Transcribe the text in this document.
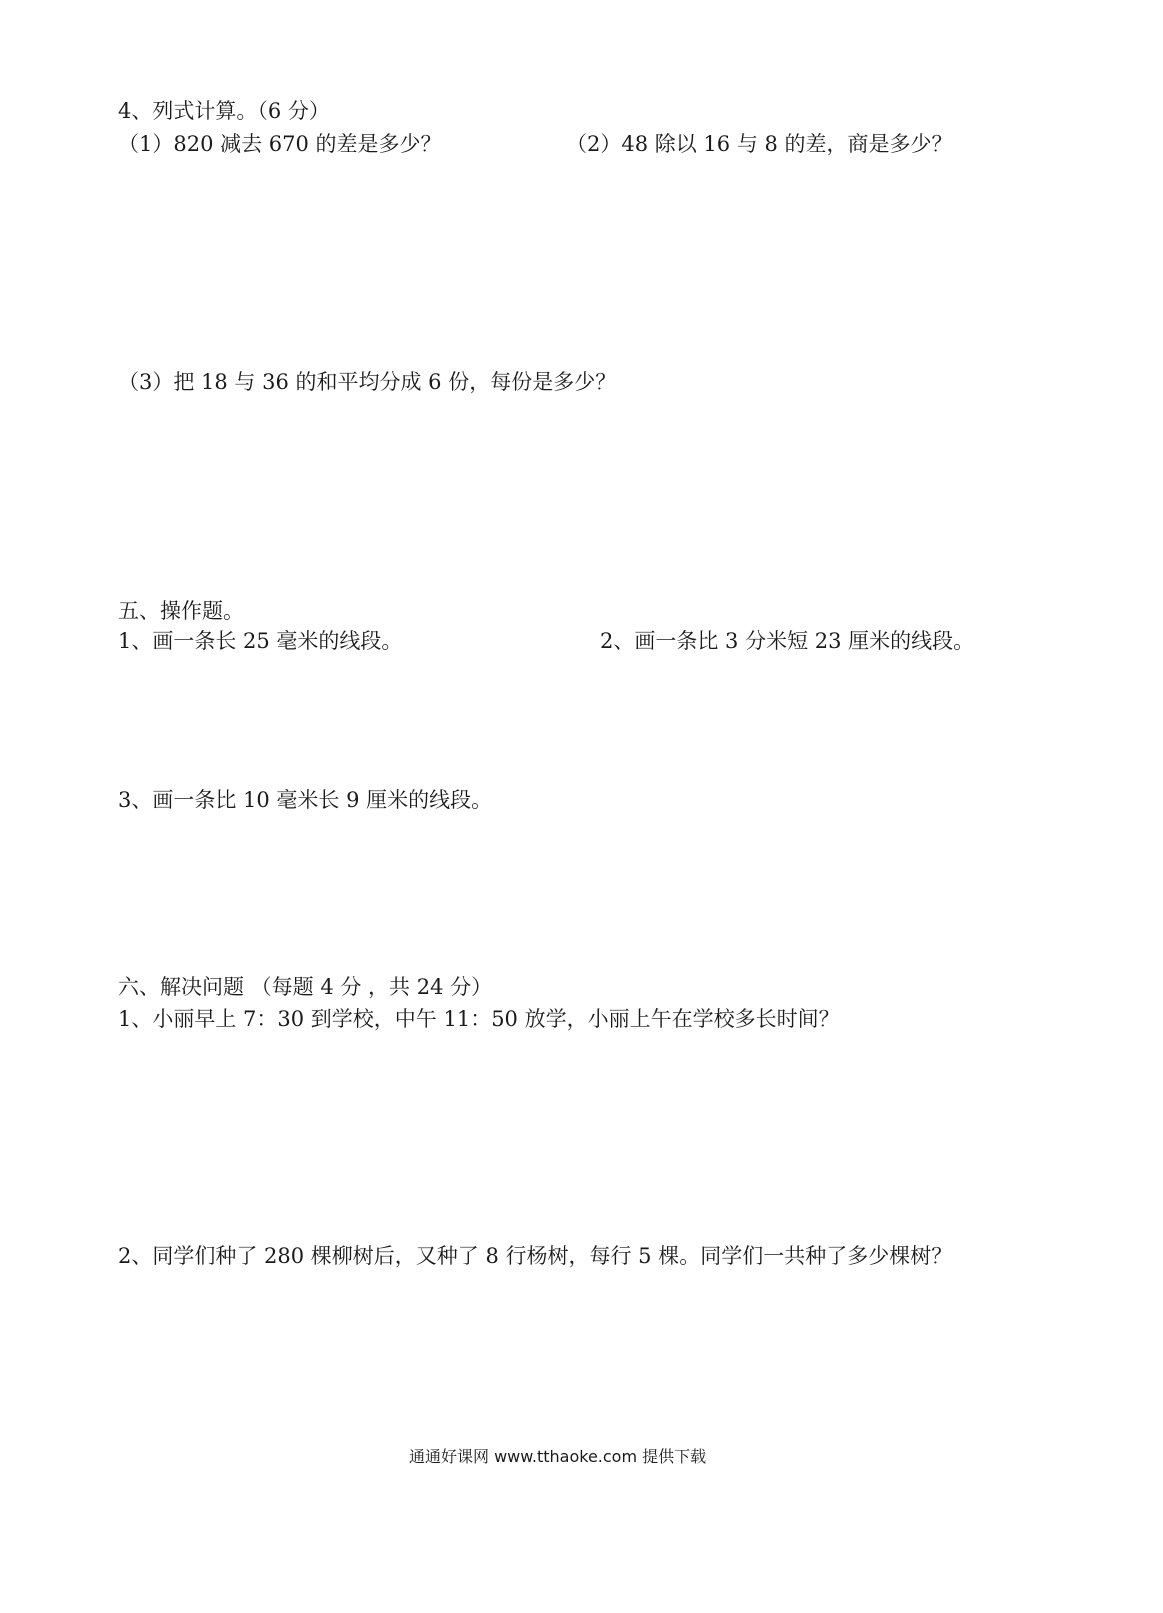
4、列式计算。（6 分）
（1）820 减去 670 的差是多少？	（2）48 除以 16 与 8 的差，商是多少？
（3）把 18 与 36 的和平均分成 6 份，每份是多少？
五、操作题。
1、画一条长 25 毫米的线段。	2、画一条比 3 分米短 23 厘米的线段。
3、画一条比 10 毫米长 9 厘米的线段。
六、解决问题 （每题 4 分 ，共 24 分）
1、小丽早上 7：30 到学校，中午 11：50 放学，小丽上午在学校多长时间？
2、同学们种了 280 棵柳树后，又种了 8 行杨树，每行 5 棵。同学们一共种了多少棵树？
通通好课网 www.tthaoke.com 提供下载
